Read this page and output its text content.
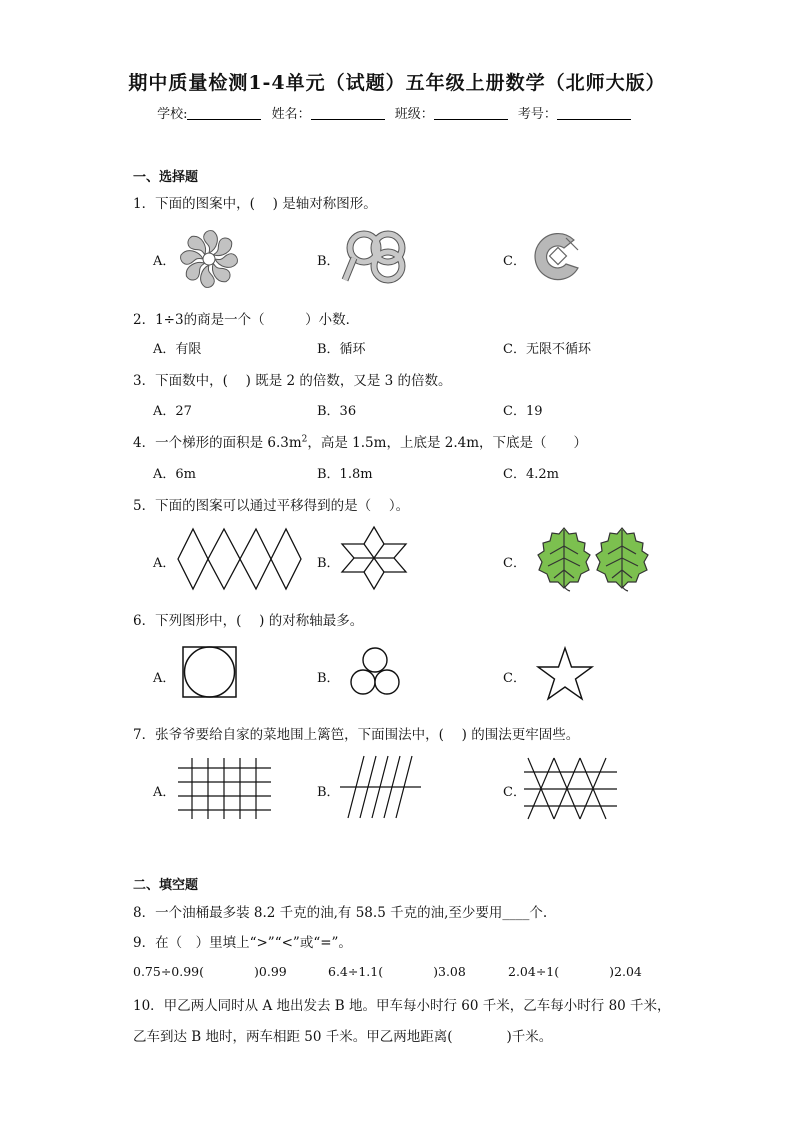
期中质量检测1-4单元（试题）五年级上册数学（北师大版）
学校:	姓名：	班级：	考号：
一、选择题
1．下面的图案中，(　 ) 是轴对称图形。
A．	B．	C．
2．1÷3的商是一个（　　　）小数．
A．有限	B．循环	C．无限不循环
3．下面数中，(　 ) 既是 2 的倍数，又是 3 的倍数。
A．27	B．36	C．19
4．一个梯形的面积是 $6.3m^2$，高是 1.5m，上底是 2.4m，下底是（　　）
A．6m	B．1.8m	C．4.2m
5．下面的图案可以通过平移得到的是（　 ）。
A．	B．	C．
6．下列图形中，(　 ) 的对称轴最多。
A．	B．	C．
7．张爷爷要给自家的菜地围上篱笆，下面围法中，(　 ) 的围法更牢固些。
A．	B．	C．
二、填空题
8．一个油桶最多装 8.2 千克的油,有 58.5 千克的油,至少要用____个.
9．在（　）里填上“>”“<”或“=”。
0.75÷0.99(　　　　)0.99	6.4÷1.1(　　　　)3.08	2.04÷1(　　　　)2.04
10．甲乙两人同时从 A 地出发去 B 地。甲车每小时行 60 千米，乙车每小时行 80 千米，
乙车到达 B 地时，两车相距 50 千米。甲乙两地距离(　　　　)千米。
